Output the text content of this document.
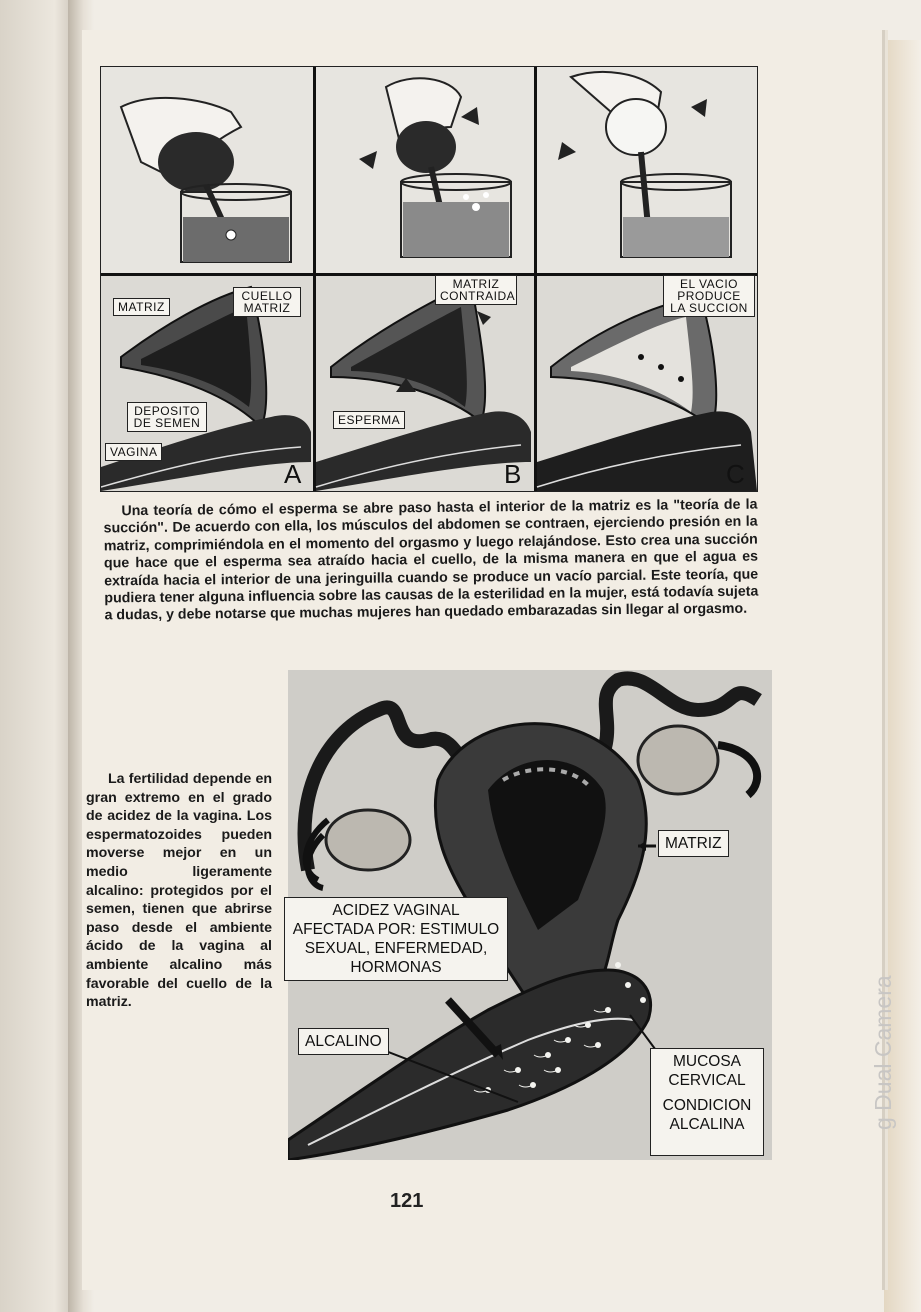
MATRIZ
CUELLO MATRIZ
DEPOSITO DE SEMEN
VAGINA
MATRIZ CONTRAIDA
ESPERMA
EL VACIO PRODUCE LA SUCCION
A	B	C
Una teoría de cómo el esperma se abre paso hasta el interior de la matriz es la "teoría de la succión". De acuerdo con ella, los músculos del abdomen se contraen, ejerciendo presión en la matriz, comprimiéndola en el momento del orgasmo y luego relajándose. Esto crea una succión que hace que el esperma sea atraído hacia el cuello, de la misma manera en que el agua es extraída hacia el interior de una jeringuilla cuando se produce un vacío parcial. Este teoría, que pudiera tener alguna influencia sobre las causas de la esterilidad en la mujer, está todavía sujeta a dudas, y debe notarse que muchas mujeres han quedado embarazadas sin llegar al orgasmo.
La fertilidad depende en gran extremo en el grado de acidez de la vagina. Los espermatozoides pueden moverse mejor en un medio ligeramente alcalino: protegidos por el semen, tienen que abrirse paso desde el ambiente ácido de la vagina al ambiente alcalino más favorable del cuello de la matriz.
MATRIZ
ACIDEZ VAGINAL AFECTADA POR: ESTIMULO SEXUAL, ENFERMEDAD, HORMONAS
ALCALINO
MUCOSA CERVICAL
CONDICION ALCALINA
121
g Dual Camera
